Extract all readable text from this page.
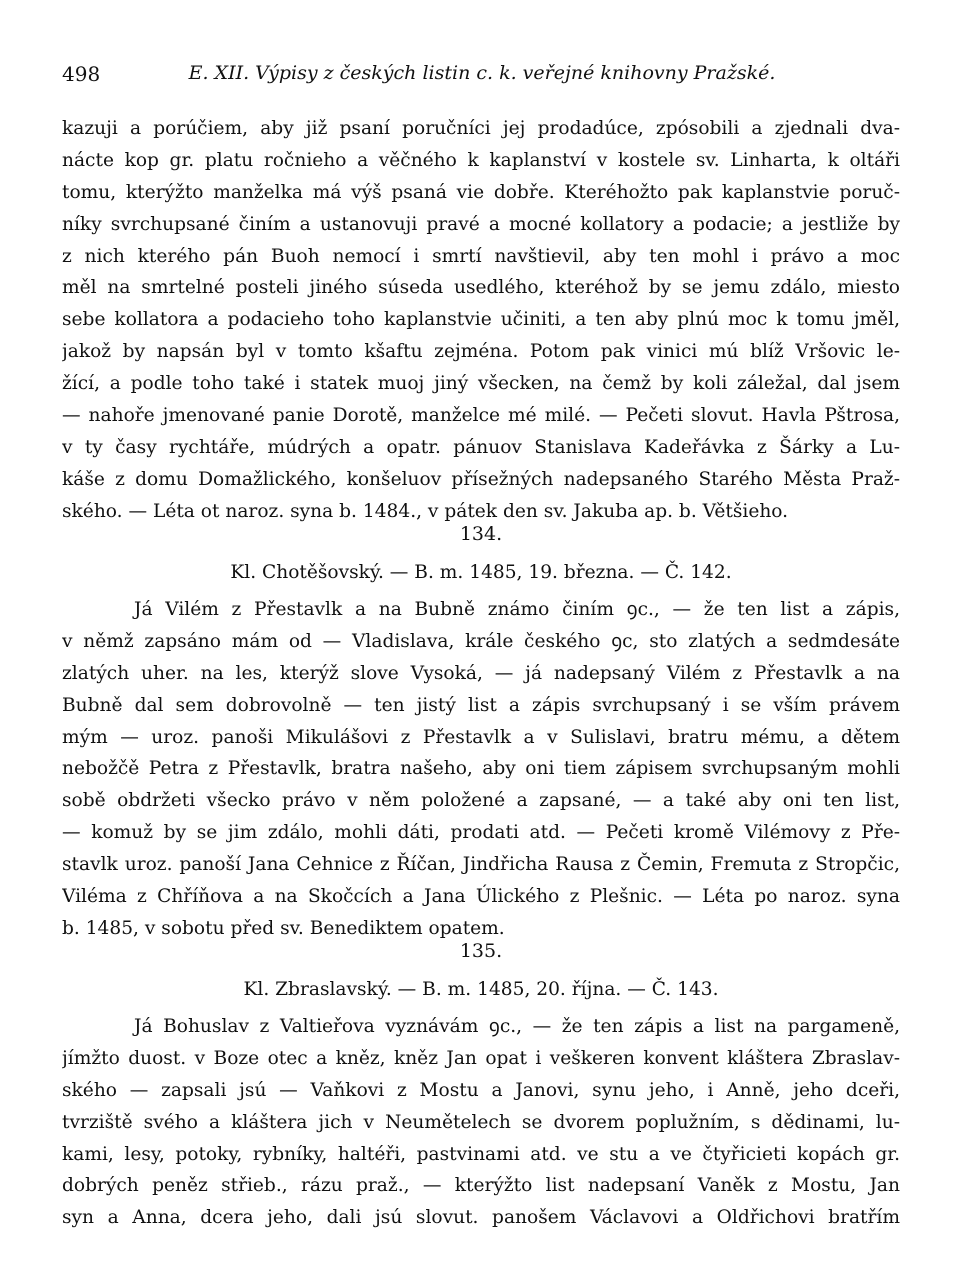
498	E. XII. Výpisy z českých listin c. k. veřejné knihovny Pražské.
kazuji a porúčiem, aby již psaní poručníci jej prodadúce, zpósobili a zjednali dva-
nácte kop gr. platu ročnieho a věčného k kaplanství v kostele sv. Linharta, k oltáři
tomu, kterýžto manželka má výš psaná vie dobře. Kteréhožto pak kaplanstvie poruč-
níky svrchupsané činím a ustanovuji pravé a mocné kollatory a podacie; a jestliže by
z nich kterého pán Buoh nemocí i smrtí navštievil, aby ten mohl i právo a moc
měl na smrtelné posteli jiného súseda usedlého, kteréhož by se jemu zdálo, miesto
sebe kollatora a podacieho toho kaplanstvie učiniti, a ten aby plnú moc k tomu jměl,
jakož by napsán byl v tomto kšaftu zejména. Potom pak vinici mú blíž Vršovic le-
žící, a podle toho také i statek muoj jiný všecken, na čemž by koli záležal, dal jsem
— nahoře jmenované panie Dorotě, manželce mé milé. — Pečeti slovut. Havla Pštrosa,
v ty časy rychtáře, múdrých a opatr. pánuov Stanislava Kadeřávka z Šárky a Lu-
káše z domu Domažlického, konšeluov přísežných nadepsaného Starého Města Praž-
ského. — Léta ot naroz. syna b. 1484., v pátek den sv. Jakuba ap. b. Většieho.
134.
Kl. Chotěšovský. — B. m. 1485, 19. března. — Č. 142.
Já Vilém z Přestavlk a na Bubně známo činím ꝯc., — že ten list a zápis,
v němž zapsáno mám od — Vladislava, krále českého ꝯc, sto zlatých a sedmdesáte
zlatých uher. na les, kterýž slove Vysoká, — já nadepsaný Vilém z Přestavlk a na
Bubně dal sem dobrovolně — ten jistý list a zápis svrchupsaný i se vším právem
mým — uroz. panoši Mikulášovi z Přestavlk a v Sulislavi, bratru mému, a dětem
nebožčě Petra z Přestavlk, bratra našeho, aby oni tiem zápisem svrchupsaným mohli
sobě obdržeti všecko právo v něm položené a zapsané, — a také aby oni ten list,
— komuž by se jim zdálo, mohli dáti, prodati atd. — Pečeti kromě Vilémovy z Pře-
stavlk uroz. panoší Jana Cehnice z Říčan, Jindřicha Rausa z Čemin, Fremuta z Stropčic,
Viléma z Chříňova a na Skočcích a Jana Úlického z Plešnic. — Léta po naroz. syna
b. 1485, v sobotu před sv. Benediktem opatem.
135.
Kl. Zbraslavský. — B. m. 1485, 20. října. — Č. 143.
Já Bohuslav z Valtieřova vyznávám ꝯc., — že ten zápis a list na pargameně,
jímžto duost. v Boze otec a kněz, kněz Jan opat i veškeren konvent kláštera Zbraslav-
ského — zapsali jsú — Vaňkovi z Mostu a Janovi, synu jeho, i Anně, jeho dceři,
tvrziště svého a kláštera jich v Neumětelech se dvorem poplužním, s dědinami, lu-
kami, lesy, potoky, rybníky, haltéři, pastvinami atd. ve stu a ve čtyřicieti kopách gr.
dobrých peněz střieb., rázu praž., — kterýžto list nadepsaní Vaněk z Mostu, Jan
syn a Anna, dcera jeho, dali jsú slovut. panošem Václavovi a Oldřichovi bratřím
